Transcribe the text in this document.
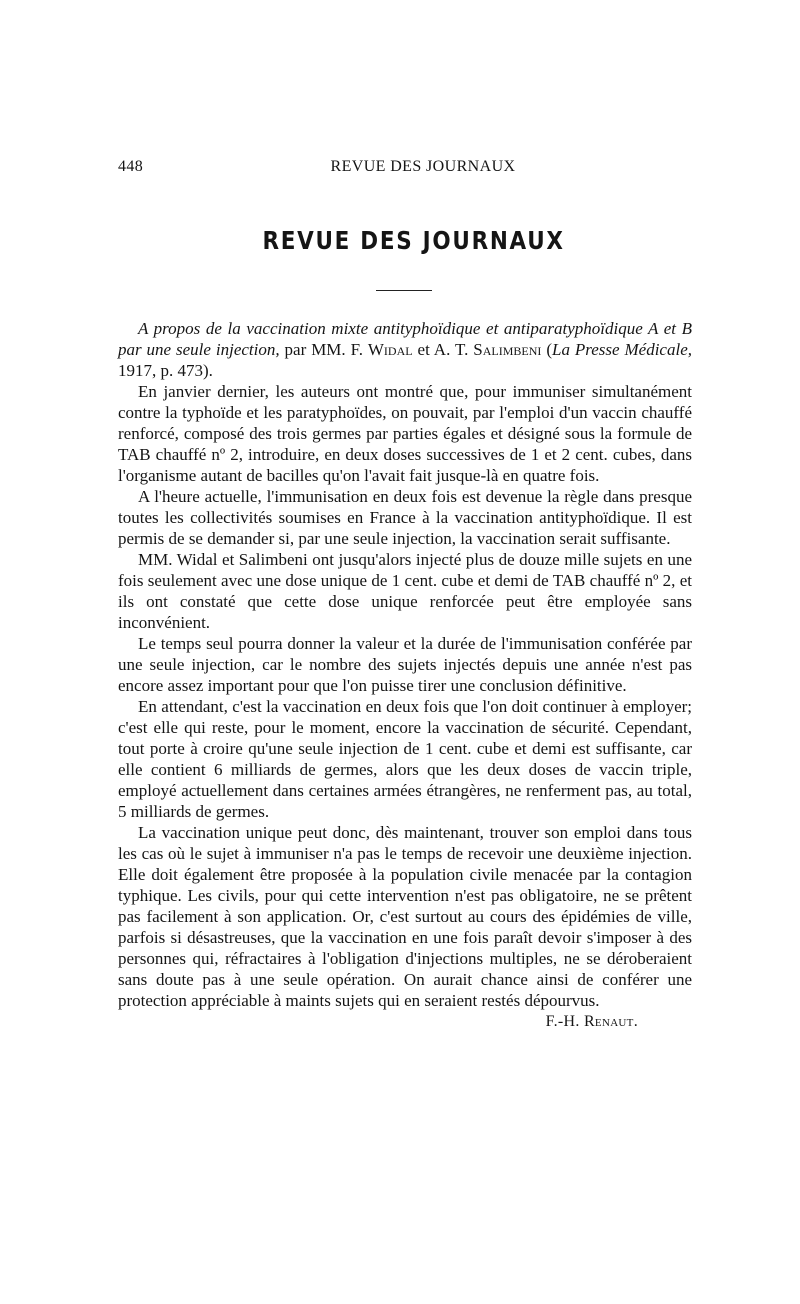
448	REVUE DES JOURNAUX
REVUE DES JOURNAUX

A propos de la vaccination mixte antityphoïdique et antiparatyphoïdique A et B par une seule injection, par MM. F. Widal et A. T. Salimbeni (La Presse Médicale, 1917, p. 473).

En janvier dernier, les auteurs ont montré que, pour immuniser simultanément contre la typhoïde et les paratyphoïdes, on pouvait, par l'emploi d'un vaccin chauffé renforcé, composé des trois germes par parties égales et désigné sous la formule de TAB chauffé nº 2, introduire, en deux doses successives de 1 et 2 cent. cubes, dans l'organisme autant de bacilles qu'on l'avait fait jusque-là en quatre fois.

A l'heure actuelle, l'immunisation en deux fois est devenue la règle dans presque toutes les collectivités soumises en France à la vaccination antityphoïdique. Il est permis de se demander si, par une seule injection, la vaccination serait suffisante.

MM. Widal et Salimbeni ont jusqu'alors injecté plus de douze mille sujets en une fois seulement avec une dose unique de 1 cent. cube et demi de TAB chauffé nº 2, et ils ont constaté que cette dose unique renforcée peut être employée sans inconvénient.

Le temps seul pourra donner la valeur et la durée de l'immunisation conférée par une seule injection, car le nombre des sujets injectés depuis une année n'est pas encore assez important pour que l'on puisse tirer une conclusion définitive.

En attendant, c'est la vaccination en deux fois que l'on doit continuer à employer; c'est elle qui reste, pour le moment, encore la vaccination de sécurité. Cependant, tout porte à croire qu'une seule injection de 1 cent. cube et demi est suffisante, car elle contient 6 milliards de germes, alors que les deux doses de vaccin triple, employé actuellement dans certaines armées étrangères, ne renferment pas, au total, 5 milliards de germes.

La vaccination unique peut donc, dès maintenant, trouver son emploi dans tous les cas où le sujet à immuniser n'a pas le temps de recevoir une deuxième injection. Elle doit également être proposée à la population civile menacée par la contagion typhique. Les civils, pour qui cette intervention n'est pas obligatoire, ne se prêtent pas facilement à son application. Or, c'est surtout au cours des épidémies de ville, parfois si désastreuses, que la vaccination en une fois paraît devoir s'imposer à des personnes qui, réfractaires à l'obligation d'injections multiples, ne se déroberaient sans doute pas à une seule opération. On aurait chance ainsi de conférer une protection appréciable à maints sujets qui en seraient restés dépourvus.

F.-H. Renaut.
